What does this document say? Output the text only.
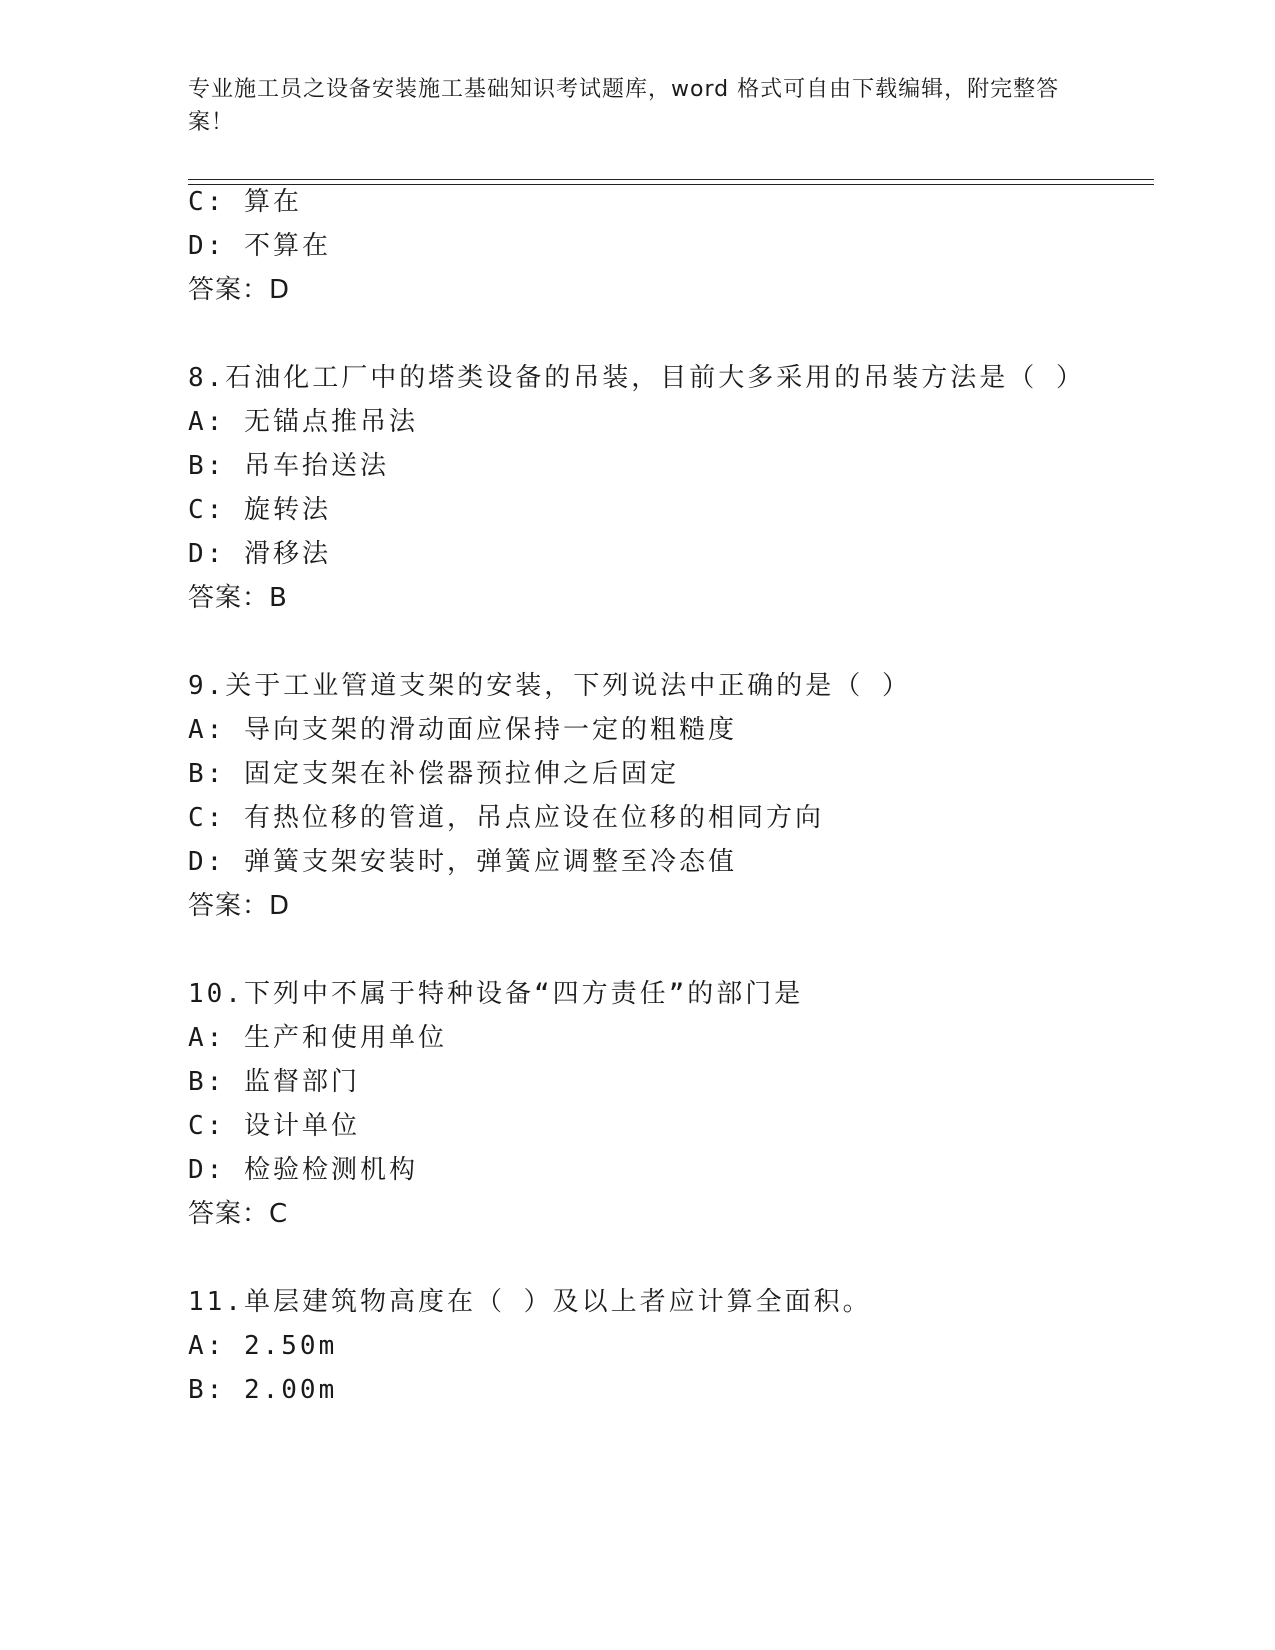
专业施工员之设备安装施工基础知识考试题库，word 格式可自由下载编辑，附完整答案！
C: 算在
D: 不算在
答案：D
8.石油化工厂中的塔类设备的吊装，目前大多采用的吊装方法是（ ）
A: 无锚点推吊法
B: 吊车抬送法
C: 旋转法
D: 滑移法
答案：B
9.关于工业管道支架的安装，下列说法中正确的是（ ）
A: 导向支架的滑动面应保持一定的粗糙度
B: 固定支架在补偿器预拉伸之后固定
C: 有热位移的管道，吊点应设在位移的相同方向
D: 弹簧支架安装时，弹簧应调整至冷态值
答案：D
10.下列中不属于特种设备“四方责任”的部门是
A: 生产和使用单位
B: 监督部门
C: 设计单位
D: 检验检测机构
答案：C
11.单层建筑物高度在（ ）及以上者应计算全面积。
A: 2.50m
B: 2.00m
